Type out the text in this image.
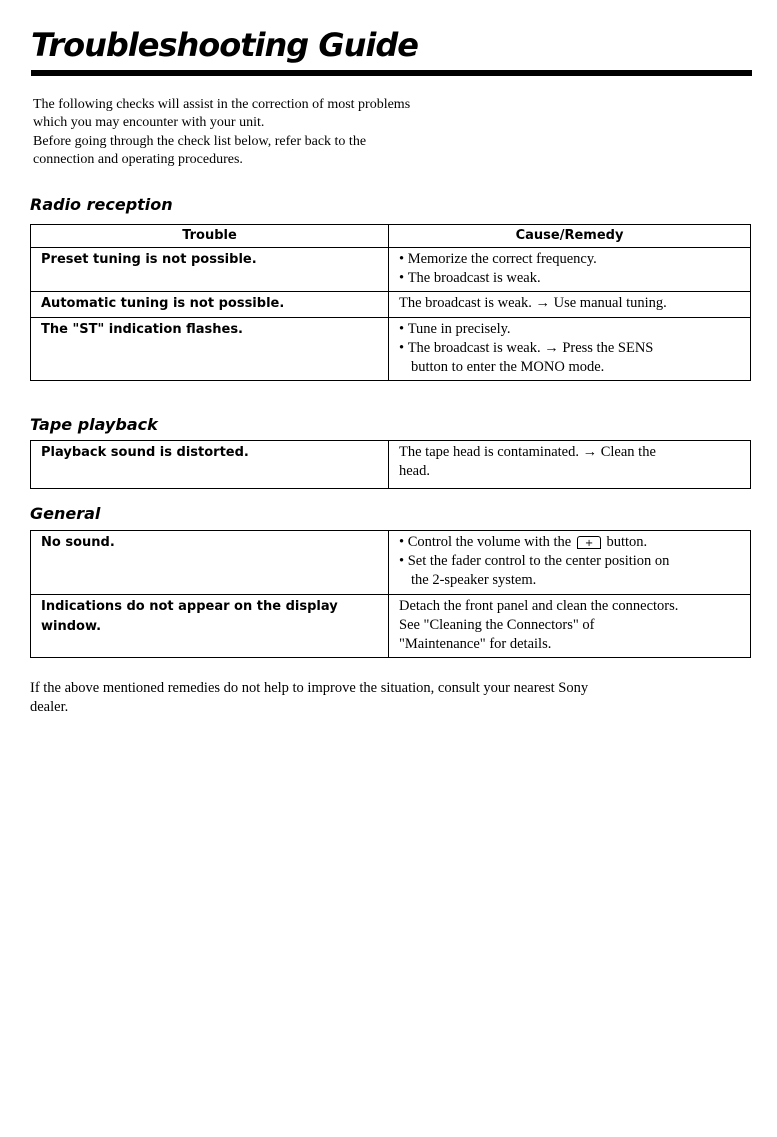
Troubleshooting Guide

The following checks will assist in the correction of most problems

which you may encounter with your unit.

Before going through the check list below, refer back to the

connection and operating procedures.

Radio reception
Trouble	Cause/Remedy
Preset tuning is not possible.	• Memorize the correct frequency.
• The broadcast is weak.

Automatic tuning is not possible.	The broadcast is weak. → Use manual tuning.

The "ST" indication flashes.	• Tune in precisely.
• The broadcast is weak. → Press the SENS
button to enter the MONO mode.
Tape playback
Playback sound is distorted.	The tape head is contaminated. → Clean the
head.
General
No sound.	• Control the volume with the + button.
• Set the fader control to the center position on
the 2-speaker system.

Indications do not appear on the display
window.	Detach the front panel and clean the connectors.
See "Cleaning the Connectors" of
"Maintenance" for details.

If the above mentioned remedies do not help to improve the situation, consult your nearest Sony

dealer.
